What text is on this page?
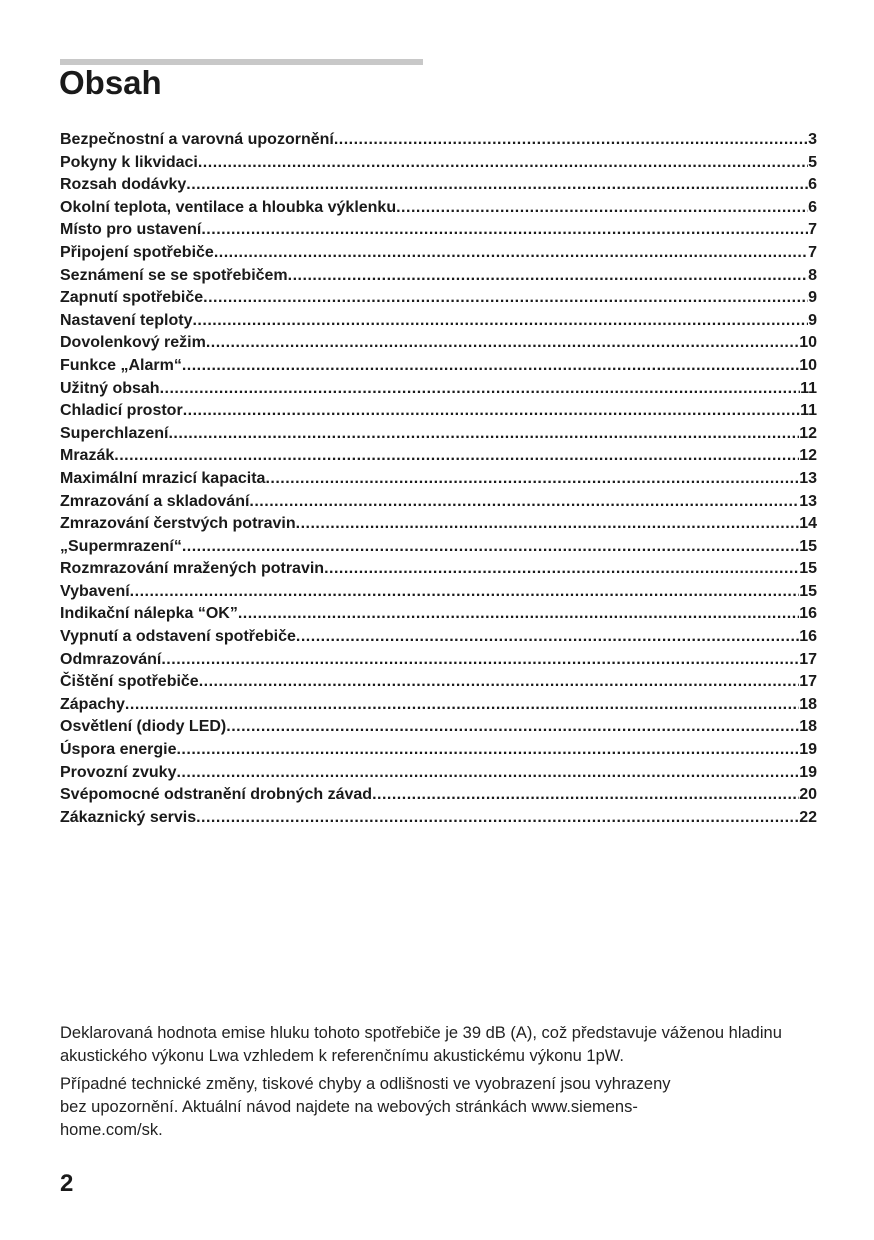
Obsah
Bezpečnostní a varovná upozornění .....	3
Pokyny k likvidaci .....	5
Rozsah dodávky .....	6
Okolní teplota, ventilace a hloubka výklenku .....	6
Místo pro ustavení .....	7
Připojení spotřebiče .....	7
Seznámení se se spotřebičem .....	8
Zapnutí spotřebiče .....	9
Nastavení teploty .....	9
Dovolenkový režim .....	10
Funkce „Alarm“ .....	10
Užitný obsah .....	11
Chladicí prostor .....	11
Superchlazení .....	12
Mrazák .....	12
Maximální mrazicí kapacita .....	13
Zmrazování a skladování .....	13
Zmrazování čerstvých potravin .....	14
„Supermrazení“ .....	15
Rozmrazování mražených potravin .....	15
Vybavení .....	15
Indikační nálepka “OK” .....	16
Vypnutí a odstavení spotřebiče .....	16
Odmrazování .....	17
Čištění spotřebiče .....	17
Zápachy .....	18
Osvětlení (diody LED) .....	18
Úspora energie .....	19
Provozní zvuky .....	19
Svépomocné odstranění drobných závad .....	20
Zákaznický servis .....	22

Deklarovaná hodnota emise hluku tohoto spotřebiče je 39 dB (A), což představuje váženou hladinu akustického výkonu Lwa vzhledem k referenčnímu akustickému výkonu 1pW.

Případné technické změny, tiskové chyby a odlišnosti ve vyobrazení jsou vyhrazeny bez upozornění. Aktuální návod najdete na webových stránkách www.siemens-home.com/sk.

2
